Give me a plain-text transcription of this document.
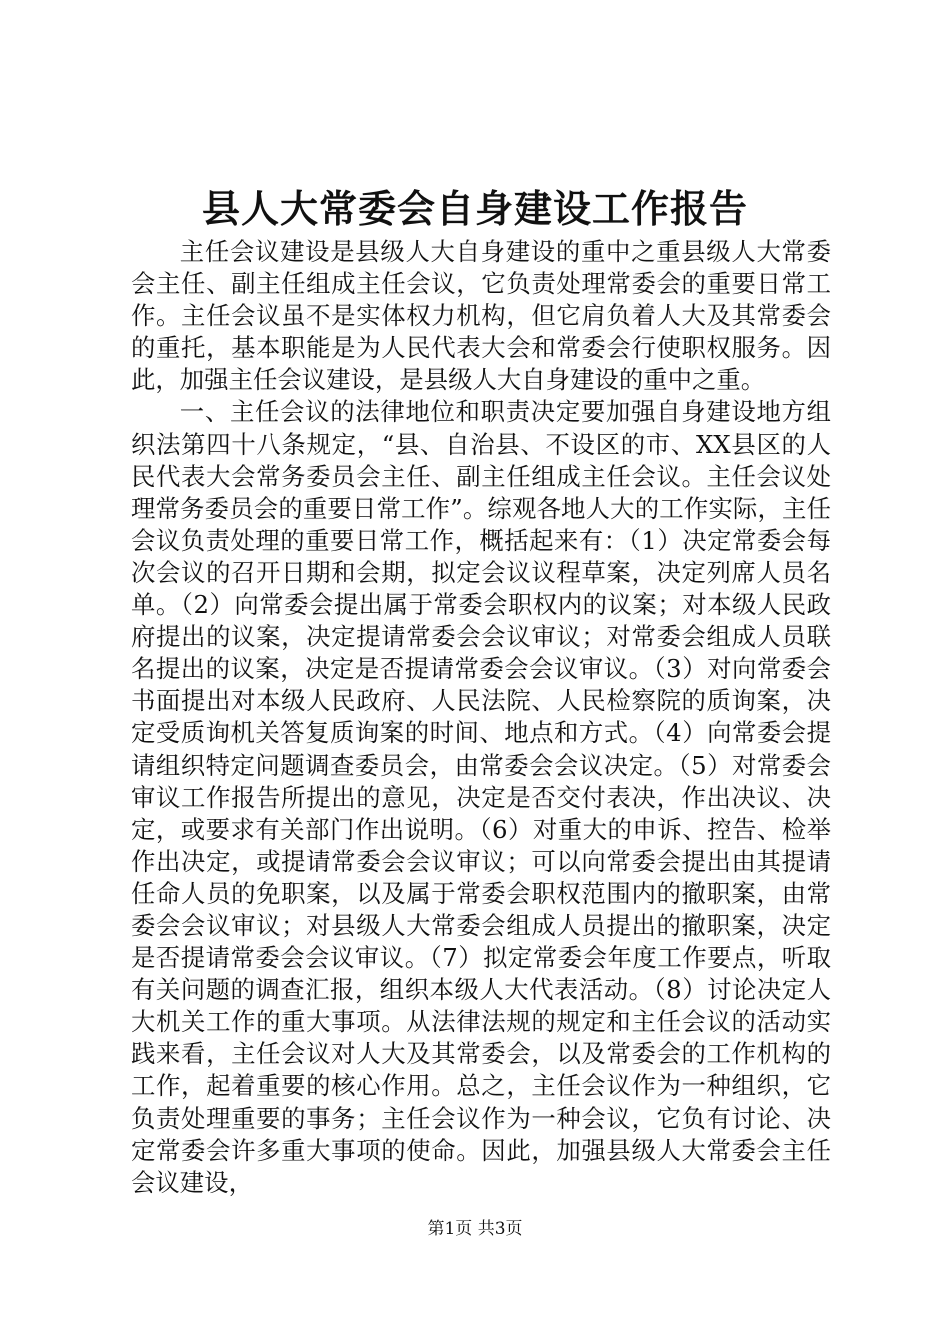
县人大常委会自身建设工作报告

主任会议建设是县级人大自身建设的重中之重县级人大常委会主任、副主任组成主任会议，它负责处理常委会的重要日常工作。主任会议虽不是实体权力机构，但它肩负着人大及其常委会的重托，基本职能是为人民代表大会和常委会行使职权服务。因此，加强主任会议建设，是县级人大自身建设的重中之重。

一、主任会议的法律地位和职责决定要加强自身建设地方组织法第四十八条规定，“县、自治县、不设区的市、XX县区的人民代表大会常务委员会主任、副主任组成主任会议。主任会议处理常务委员会的重要日常工作”。综观各地人大的工作实际，主任会议负责处理的重要日常工作，概括起来有：（1）决定常委会每次会议的召开日期和会期，拟定会议议程草案，决定列席人员名单。（2）向常委会提出属于常委会职权内的议案；对本级人民政府提出的议案，决定提请常委会会议审议；对常委会组成人员联名提出的议案，决定是否提请常委会会议审议。（3）对向常委会书面提出对本级人民政府、人民法院、人民检察院的质询案，决定受质询机关答复质询案的时间、地点和方式。（4）向常委会提请组织特定问题调查委员会，由常委会会议决定。（5）对常委会审议工作报告所提出的意见，决定是否交付表决，作出决议、决定，或要求有关部门作出说明。（6）对重大的申诉、控告、检举作出决定，或提请常委会会议审议；可以向常委会提出由其提请任命人员的免职案，以及属于常委会职权范围内的撤职案，由常委会会议审议；对县级人大常委会组成人员提出的撤职案，决定是否提请常委会会议审议。（7）拟定常委会年度工作要点，听取有关问题的调查汇报，组织本级人大代表活动。（8）讨论决定人大机关工作的重大事项。从法律法规的规定和主任会议的活动实践来看，主任会议对人大及其常委会，以及常委会的工作机构的工作，起着重要的核心作用。总之，主任会议作为一种组织，它负责处理重要的事务；主任会议作为一种会议，它负有讨论、决定常委会许多重大事项的使命。因此，加强县级人大常委会主任会议建设，

第1页 共3页
